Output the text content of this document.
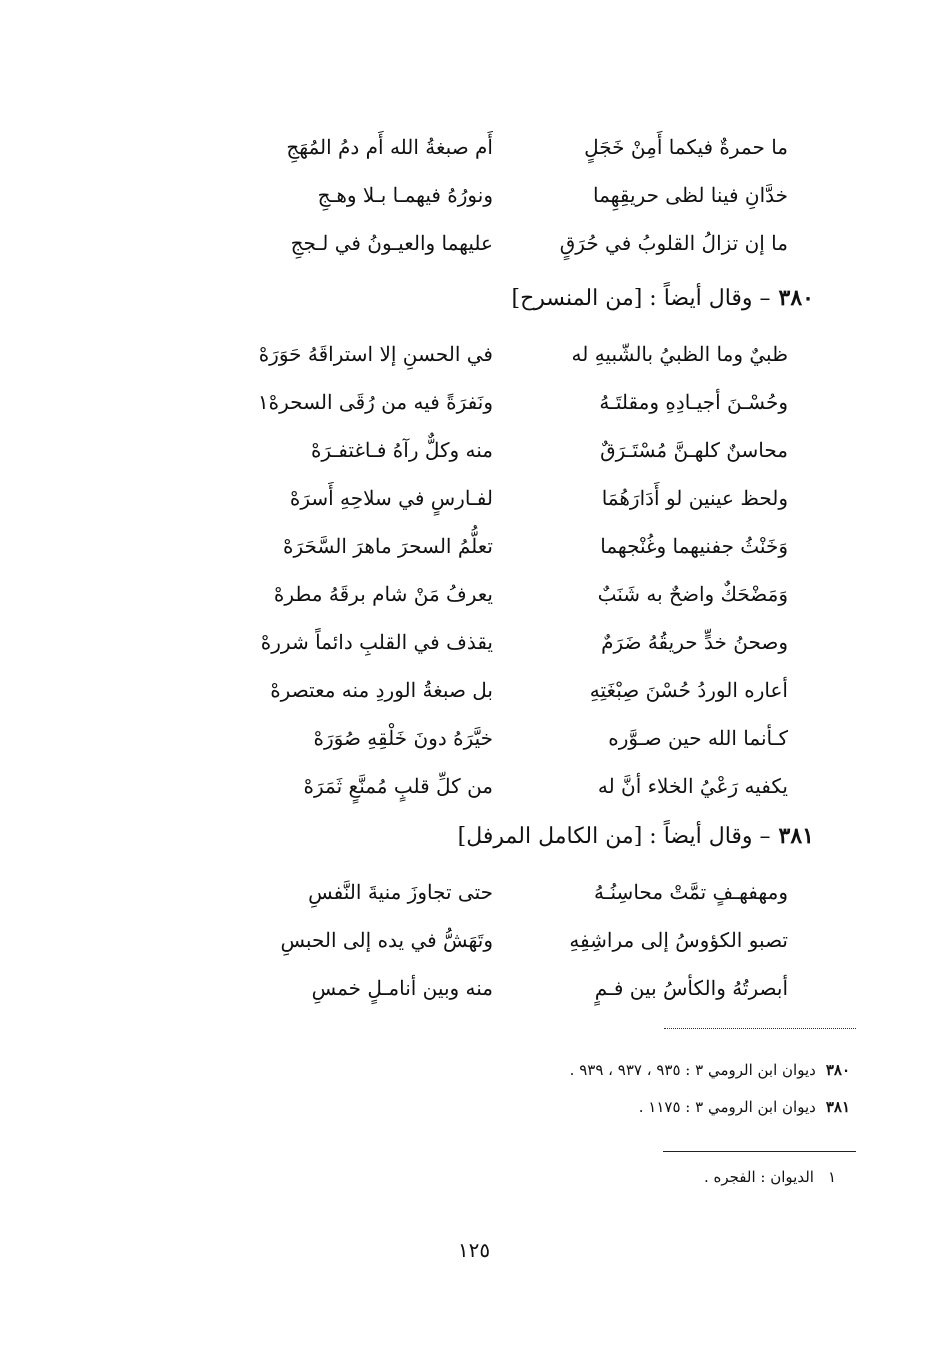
ما حمرةٌ فيكما أَمِنْ خَجَلٍ
أَم صبغةُ الله أَم دمُ المُهَجِ
خدَّانِ فينا لظى حريقِهِما
ونورُهُ فيهمـا بـلا وهـجِ
ما إن تزالُ القلوبُ في حُرَقٍ
عليهما والعيـونُ في لـججِ
٣٨٠– وقال أيضاً : [من المنسرح]
ظبيٌ وما الظبيُ بالشّبيهِ له
في الحسنِ إلا استراقَهُ حَوَرَهْ
وحُسْـنَ أجيـادِهِ ومقلتَـهُ
ونَفرَةً فيه من رُقَى السحرهْ١
محاسنٌ كلهـنَّ مُسْتَـرَقٌ
منه وكلٌّ رآهُ فـاغتفـرَهْ
ولحظ عينين لو أَدَارَهُمَا
لفـارسٍ في سلاحِهِ أَسرَهْ
وَخَنْثُ جفنيهما وغُنْجهما
تعلُّمُ السحرَ ماهرَ السَّحَرَهْ
وَمَضْحَكٌ واضحٌ به شَنَبٌ
يعرفُ مَنْ شام برقَهُ مطرهْ
وصحنُ خدٍّ حريقُهُ ضَرَمٌ
يقذف في القلبِ دائماً شررهْ
أعاره الوردُ حُسْنَ صِبْغَتِهِ
بل صبغةُ الوردِ منه معتصرهْ
كـأنما الله حين صـوَّره
خيَّرَهُ دونَ خَلْقِهِ صُوَرَهْ
يكفيه رَعْيُ الخلاء أنَّ له
من كلِّ قلبٍ مُمنَّعٍ ثَمَرَهْ
٣٨١– وقال أيضاً : [من الكامل المرفل]
ومهفهـفٍ تمَّتْ محاسِنُـهُ
حتى تجاوزَ منيةَ النَّفسِ
تصبو الكؤوسُ إلى مراشِفِهِ
وتَهَشُّ في يده إلى الحبسِ
أبصرتُهُ والكأسُ بين فـمٍ
منه وبين أنامـلٍ خمسِ
٣٨٠ديوان ابن الرومي ٣ : ٩٣٥ ، ٩٣٧ ، ٩٣٩ .
٣٨١ديوان ابن الرومي ٣ : ١١٧٥ .
١الديوان : الفجره .
١٢٥
